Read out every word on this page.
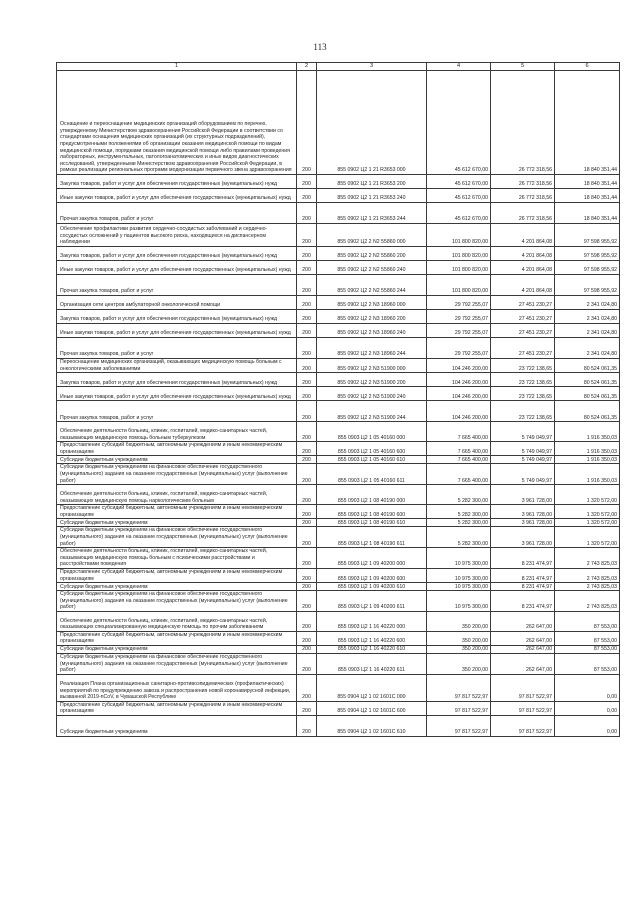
113
1	2	3	4	5	6
Оснащение и переоснащение медицинских организаций оборудованием по перечню, утвержденному Министерством здравоохранения Российской Федерации в соответствии со стандартами оснащения медицинских организаций (их структурных подразделений), предусмотренными положениями об организации оказания медицинской помощи по видам медицинской помощи, порядками оказания медицинской помощи либо правилами проведения лабораторных, инструментальных, патологоанатомических и иных видов диагностических исследований, утвержденными Министерством здравоохранения Российской Федерации, в рамках реализации региональных программ модернизации первичного звена здравоохранения	200	855 0902 Ц2 1 21 R3653 000	45 612 670,00	26 772 318,56	18 840 351,44
Закупка товаров, работ и услуг для обеспечения государственных (муниципальных) нужд	200	855 0902 Ц2 1 21 R3653 200	45 612 670,00	26 772 318,56	18 840 351,44
Иные закупки товаров, работ и услуг для обеспечения государственных (муниципальных) нужд	200	855 0902 Ц2 1 21 R3653 240	45 612 670,00	26 772 318,56	18 840 351,44
Прочая закупка товаров, работ и услуг	200	855 0902 Ц2 1 21 R3653 244	45 612 670,00	26 772 318,56	18 840 351,44
Обеспечение профилактики развития сердечно-сосудистых заболеваний и сердечно-сосудистых осложнений у пациентов высокого риска, находящихся на диспансерном наблюдении	200	855 0902 Ц2 2 N2 55860 000	101 800 820,00	4 201 864,08	97 598 955,92
Закупка товаров, работ и услуг для обеспечения государственных (муниципальных) нужд	200	855 0902 Ц2 2 N2 55860 200	101 800 820,00	4 201 864,08	97 598 955,92
Иные закупки товаров, работ и услуг для обеспечения государственных (муниципальных) нужд	200	855 0902 Ц2 2 N2 55860 240	101 800 820,00	4 201 864,08	97 598 955,92
Прочая закупка товаров, работ и услуг	200	855 0902 Ц2 2 N2 55860 244	101 800 820,00	4 201 864,08	97 598 955,92
Организация сети центров амбулаторной онкологической помощи	200	855 0902 Ц2 2 N3 18960 000	29 792 255,07	27 451 230,27	2 341 024,80
Закупка товаров, работ и услуг для обеспечения государственных (муниципальных) нужд	200	855 0902 Ц2 2 N3 18960 200	29 792 255,07	27 451 230,27	2 341 024,80
Иные закупки товаров, работ и услуг для обеспечения государственных (муниципальных) нужд	200	855 0902 Ц2 2 N3 18960 240	29 792 255,07	27 451 230,27	2 341 024,80
Прочая закупка товаров, работ и услуг	200	855 0902 Ц2 2 N3 18960 244	29 792 255,07	27 451 230,27	2 341 024,80
Переоснащение медицинских организаций, оказывающих медицинскую помощь больным с онкологическими заболеваниями	200	855 0902 Ц2 2 N3 51900 000	104 246 200,00	23 722 138,65	80 524 061,35
Закупка товаров, работ и услуг для обеспечения государственных (муниципальных) нужд	200	855 0902 Ц2 2 N3 51900 200	104 246 200,00	23 722 138,65	80 524 061,35
Иные закупки товаров, работ и услуг для обеспечения государственных (муниципальных) нужд	200	855 0902 Ц2 2 N3 51900 240	104 246 200,00	23 722 138,65	80 524 061,35
Прочая закупка товаров, работ и услуг	200	855 0902 Ц2 2 N3 51900 244	104 246 200,00	23 722 138,65	80 524 061,35
Обеспечение деятельности больниц, клиник, госпиталей, медико-санитарных частей, оказывающих медицинскую помощь больным туберкулезом	200	855 0903 Ц2 1 05 40160 000	7 665 400,00	5 749 049,97	1 916 350,03
Предоставление субсидий бюджетным, автономным учреждениям и иным некоммерческим организациям	200	855 0903 Ц2 1 05 40160 600	7 665 400,00	5 749 049,97	1 916 350,03
Субсидии бюджетным учреждениям	200	855 0903 Ц2 1 05 40160 610	7 665 400,00	5 749 049,97	1 916 350,03
Субсидии бюджетным учреждениям на финансовое обеспечение государственного (муниципального) задания на оказание государственных (муниципальных) услуг (выполнение работ)	200	855 0903 Ц2 1 05 40160 611	7 665 400,00	5 749 049,97	1 916 350,03
Обеспечение деятельности больниц, клиник, госпиталей, медико-санитарных частей, оказывающих медицинскую помощь наркологическим больным	200	855 0903 Ц2 1 08 40190 000	5 282 300,00	3 961 728,00	1 320 572,00
Предоставление субсидий бюджетным, автономным учреждениям и иным некоммерческим организациям	200	855 0903 Ц2 1 08 40190 600	5 282 300,00	3 961 728,00	1 320 572,00
Субсидии бюджетным учреждениям	200	855 0903 Ц2 1 08 40190 610	5 282 300,00	3 961 728,00	1 320 572,00
Субсидии бюджетным учреждениям на финансовое обеспечение государственного (муниципального) задания на оказание государственных (муниципальных) услуг (выполнение работ)	200	855 0903 Ц2 1 08 40190 611	5 282 300,00	3 961 728,00	1 320 572,00
Обеспечение деятельности больниц, клиник, госпиталей, медико-санитарных частей, оказывающих медицинскую помощь больным с психическими расстройствами и расстройствами поведения	200	855 0903 Ц2 1 09 40200 000	10 975 300,00	8 231 474,97	2 743 825,03
Предоставление субсидий бюджетным, автономным учреждениям и иным некоммерческим организациям	200	855 0903 Ц2 1 09 40200 600	10 975 300,00	8 231 474,97	2 743 825,03
Субсидии бюджетным учреждениям	200	855 0903 Ц2 1 09 40200 610	10 975 300,00	8 231 474,97	2 743 825,03
Субсидии бюджетным учреждениям на финансовое обеспечение государственного (муниципального) задания на оказание государственных (муниципальных) услуг (выполнение работ)	200	855 0903 Ц2 1 09 40200 611	10 975 300,00	8 231 474,97	2 743 825,03
Обеспечение деятельности больниц, клиник, госпиталей, медико-санитарных частей, оказывающих специализированную медицинскую помощь по прочим заболеваниям	200	855 0903 Ц2 1 16 40220 000	350 200,00	262 647,00	87 553,00
Предоставление субсидий бюджетным, автономным учреждениям и иным некоммерческим организациям	200	855 0903 Ц2 1 16 40220 600	350 200,00	262 647,00	87 553,00
Субсидии бюджетным учреждениям	200	855 0903 Ц2 1 16 40220 610	350 200,00	262 647,00	87 553,00
Субсидии бюджетным учреждениям на финансовое обеспечение государственного (муниципального) задания на оказание государственных (муниципальных) услуг (выполнение работ)	200	855 0903 Ц2 1 16 40220 611	350 200,00	262 647,00	87 553,00
Реализация Плана организационных санитарно-противоэпидемических (профилактических) мероприятий по предупреждению завоза и распространения новой коронавирусной инфекции, вызванной 2019-nCoV, в Чувашской Республике	200	855 0904 Ц2 1 02 1601С 000	97 817 522,97	97 817 522,97	0,00
Предоставление субсидий бюджетным, автономным учреждениям и иным некоммерческим организациям	200	855 0904 Ц2 1 02 1601С 600	97 817 522,97	97 817 522,97	0,00
Субсидии бюджетным учреждениям	200	855 0904 Ц2 1 02 1601С 610	97 817 522,97	97 817 522,97	0,00
